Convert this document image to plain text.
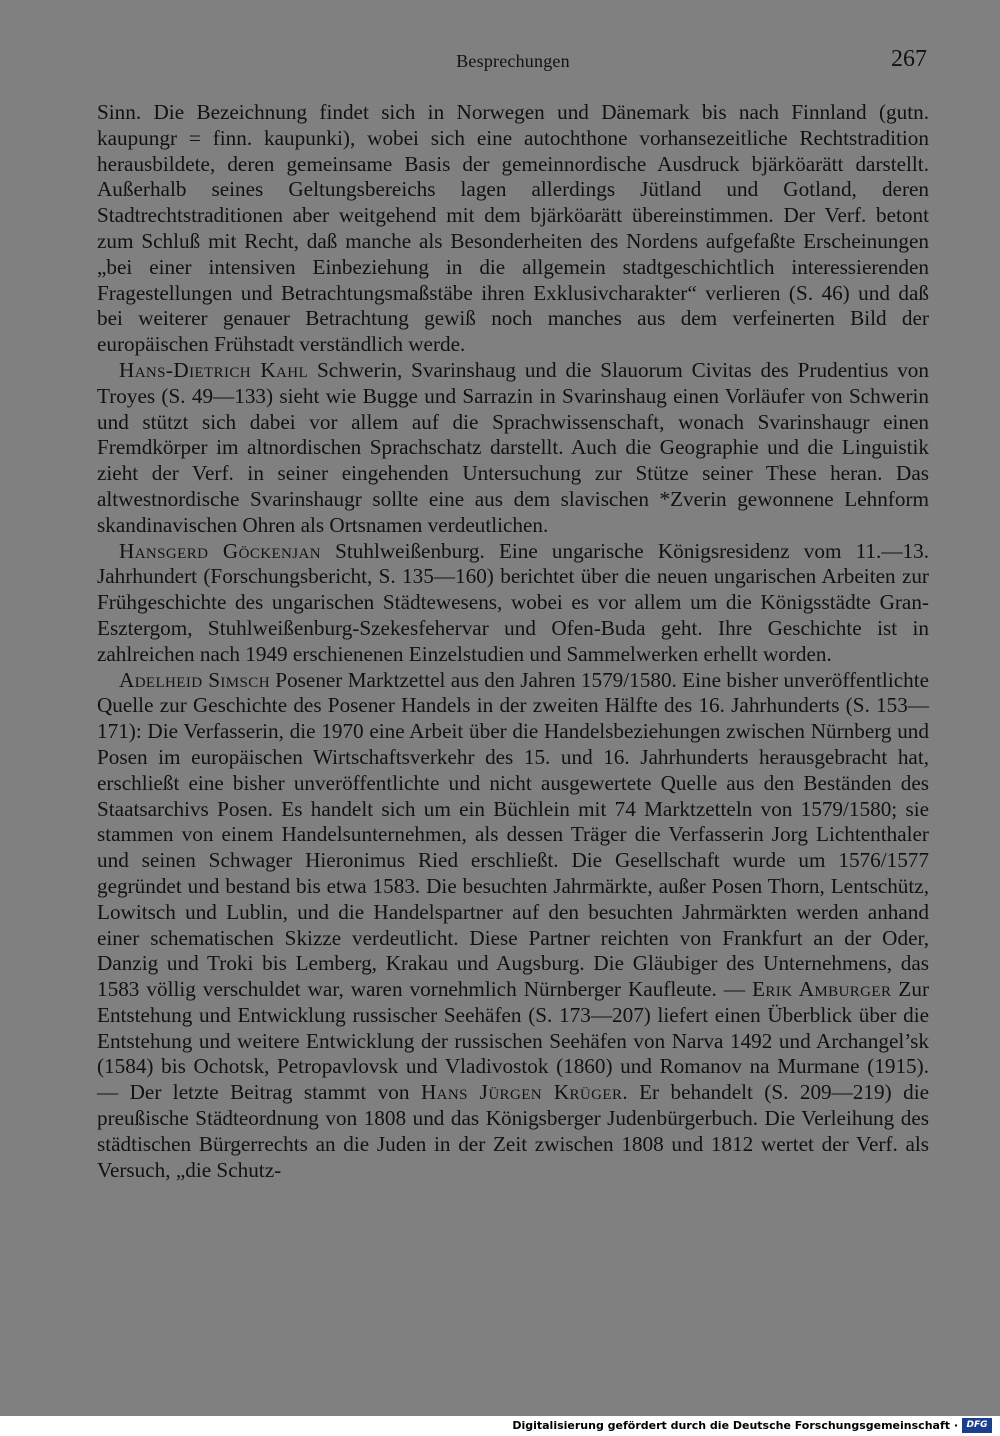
Besprechungen	267

Sinn. Die Bezeichnung findet sich in Norwegen und Dänemark bis nach Finnland (gutn. kaupungr = finn. kaupunki), wobei sich eine autochthone vorhansezeitliche Rechtstradition herausbildete, deren gemeinsame Basis der gemeinnordische Ausdruck bjärköarätt darstellt. Außerhalb seines Geltungsbereichs lagen allerdings Jütland und Gotland, deren Stadtrechtstraditionen aber weitgehend mit dem bjärköarätt übereinstimmen. Der Verf. betont zum Schluß mit Recht, daß manche als Besonderheiten des Nordens aufgefaßte Erscheinungen „bei einer intensiven Einbeziehung in die allgemein stadtgeschichtlich interessierenden Fragestellungen und Betrachtungsmaßstäbe ihren Exklusivcharakter“ verlieren (S. 46) und daß bei weiterer genauer Betrachtung gewiß noch manches aus dem verfeinerten Bild der europäischen Frühstadt verständlich werde.

Hans-Dietrich Kahl Schwerin, Svarinshaug und die Slauorum Civitas des Prudentius von Troyes (S. 49—133) sieht wie Bugge und Sarrazin in Svarinshaug einen Vorläufer von Schwerin und stützt sich dabei vor allem auf die Sprachwissenschaft, wonach Svarinshaugr einen Fremdkörper im altnordischen Sprachschatz darstellt. Auch die Geographie und die Linguistik zieht der Verf. in seiner eingehenden Untersuchung zur Stütze seiner These heran. Das altwestnordische Svarinshaugr sollte eine aus dem slavischen *Zverin gewonnene Lehnform skandinavischen Ohren als Ortsnamen verdeutlichen.

Hansgerd Göckenjan Stuhlweißenburg. Eine ungarische Königsresidenz vom 11.—13. Jahrhundert (Forschungsbericht, S. 135—160) berichtet über die neuen ungarischen Arbeiten zur Frühgeschichte des ungarischen Städtewesens, wobei es vor allem um die Königsstädte Gran-Esztergom, Stuhlweißenburg-Szekesfehervar und Ofen-Buda geht. Ihre Geschichte ist in zahlreichen nach 1949 erschienenen Einzelstudien und Sammelwerken erhellt worden.

Adelheid Simsch Posener Marktzettel aus den Jahren 1579/1580. Eine bisher unveröffentlichte Quelle zur Geschichte des Posener Handels in der zweiten Hälfte des 16. Jahrhunderts (S. 153—171): Die Verfasserin, die 1970 eine Arbeit über die Handelsbeziehungen zwischen Nürnberg und Posen im europäischen Wirtschaftsverkehr des 15. und 16. Jahrhunderts herausgebracht hat, erschließt eine bisher unveröffentlichte und nicht ausgewertete Quelle aus den Beständen des Staatsarchivs Posen. Es handelt sich um ein Büchlein mit 74 Marktzetteln von 1579/1580; sie stammen von einem Handelsunternehmen, als dessen Träger die Verfasserin Jorg Lichtenthaler und seinen Schwager Hieronimus Ried erschließt. Die Gesellschaft wurde um 1576/1577 gegründet und bestand bis etwa 1583. Die besuchten Jahrmärkte, außer Posen Thorn, Lentschütz, Lowitsch und Lublin, und die Handelspartner auf den besuchten Jahrmärkten werden anhand einer schematischen Skizze verdeutlicht. Diese Partner reichten von Frankfurt an der Oder, Danzig und Troki bis Lemberg, Krakau und Augsburg. Die Gläubiger des Unternehmens, das 1583 völlig verschuldet war, waren vornehmlich Nürnberger Kaufleute. — Erik Amburger Zur Entstehung und Entwicklung russischer Seehäfen (S. 173—207) liefert einen Überblick über die Entstehung und weitere Entwicklung der russischen Seehäfen von Narva 1492 und Archangel’sk (1584) bis Ochotsk, Petropavlovsk und Vladivostok (1860) und Romanov na Murmane (1915). — Der letzte Beitrag stammt von Hans Jürgen Krüger. Er behandelt (S. 209—219) die preußische Städteordnung von 1808 und das Königsberger Judenbürgerbuch. Die Verleihung des städtischen Bürgerrechts an die Juden in der Zeit zwischen 1808 und 1812 wertet der Verf. als Versuch, „die Schutz-

Digitalisierung gefördert durch die Deutsche Forschungsgemeinschaft · DFG
